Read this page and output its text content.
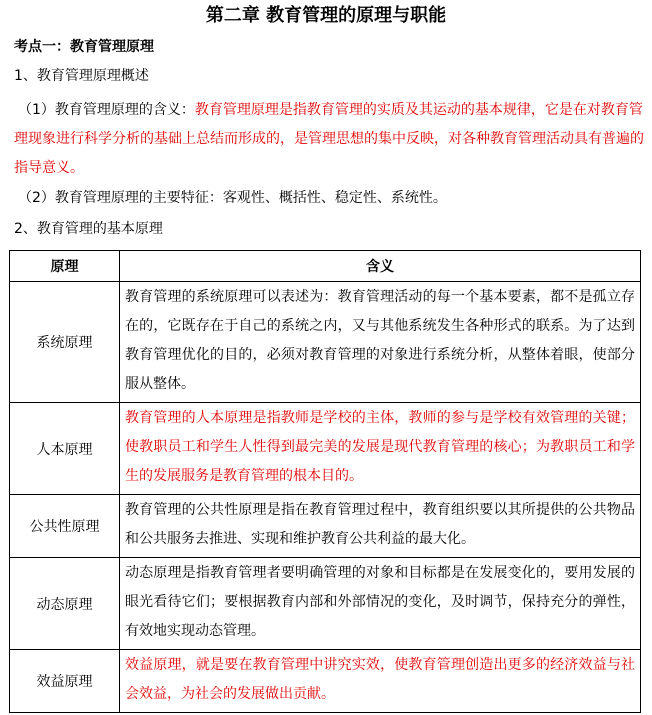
第二章 教育管理的原理与职能
考点一：教育管理原理
1、教育管理原理概述
（1）教育管理原理的含义：教育管理原理是指教育管理的实质及其运动的基本规律，它是在对教育管理现象进行科学分析的基础上总结而形成的，是管理思想的集中反映，对各种教育管理活动具有普遍的指导意义。
（2）教育管理原理的主要特征：客观性、概括性、稳定性、系统性。
2、教育管理的基本原理
原理	含义
系统原理	教育管理的系统原理可以表述为：教育管理活动的每一个基本要素，都不是孤立存在的，它既存在于自己的系统之内，又与其他系统发生各种形式的联系。为了达到教育管理优化的目的，必须对教育管理的对象进行系统分析，从整体着眼，使部分服从整体。
人本原理	教育管理的人本原理是指教师是学校的主体，教师的参与是学校有效管理的关键；使教职员工和学生人性得到最完美的发展是现代教育管理的核心；为教职员工和学生的发展服务是教育管理的根本目的。
公共性原理	教育管理的公共性原理是指在教育管理过程中，教育组织要以其所提供的公共物品和公共服务去推进、实现和维护教育公共利益的最大化。
动态原理	动态原理是指教育管理者要明确管理的对象和目标都是在发展变化的，要用发展的眼光看待它们；要根据教育内部和外部情况的变化，及时调节，保持充分的弹性，有效地实现动态管理。
效益原理	效益原理，就是要在教育管理中讲究实效，使教育管理创造出更多的经济效益与社会效益，为社会的发展做出贡献。
